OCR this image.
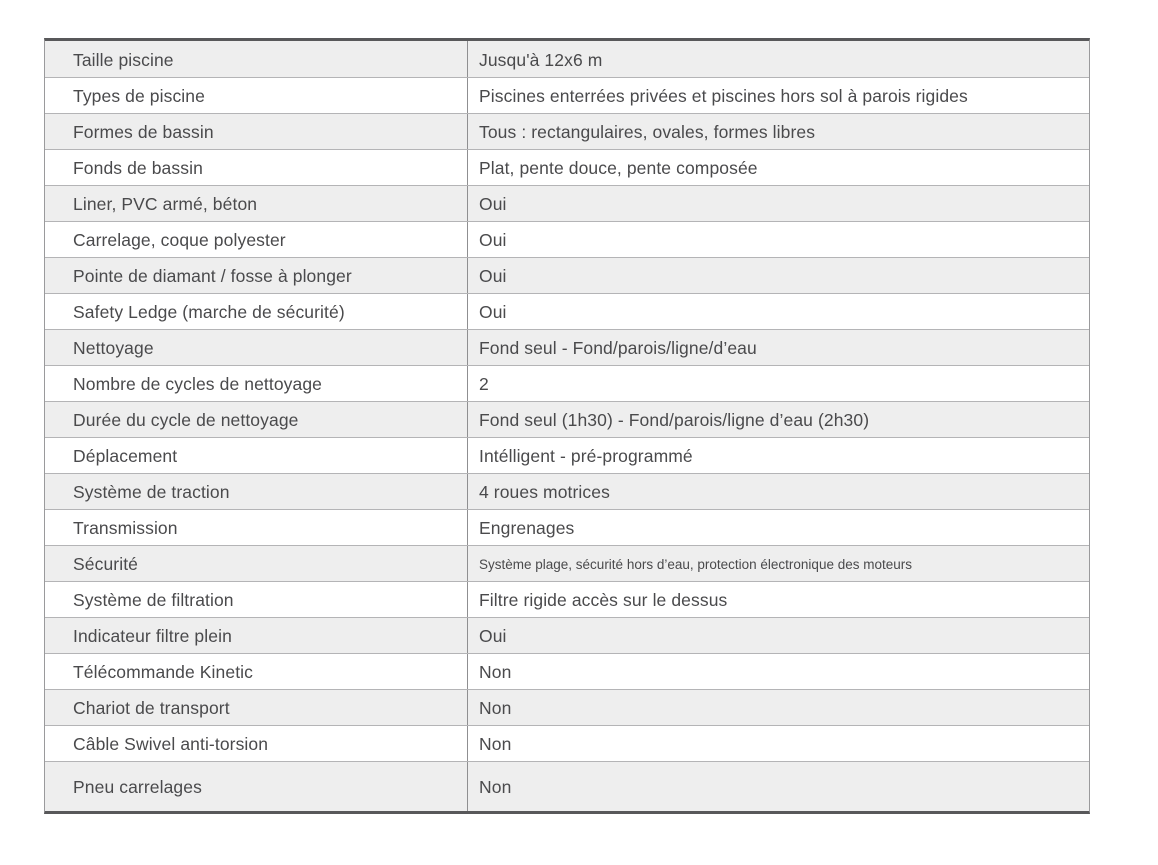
Taille piscine	Jusqu'à 12x6 m
Types de piscine	Piscines enterrées privées et piscines hors sol à parois rigides
Formes de bassin	Tous : rectangulaires, ovales, formes libres
Fonds de bassin	Plat, pente douce, pente composée
Liner, PVC armé, béton	Oui
Carrelage, coque polyester	Oui
Pointe de diamant / fosse à plonger	Oui
Safety Ledge (marche de sécurité)	Oui
Nettoyage	Fond seul - Fond/parois/ligne/d’eau
Nombre de cycles de nettoyage	2
Durée du cycle de nettoyage	Fond seul (1h30) - Fond/parois/ligne d’eau (2h30)
Déplacement	Intélligent - pré-programmé
Système de traction	4 roues motrices
Transmission	Engrenages
Sécurité	Système plage, sécurité hors d’eau, protection électronique des moteurs
Système de filtration	Filtre rigide accès sur le dessus
Indicateur filtre plein	Oui
Télécommande Kinetic	Non
Chariot de transport	Non
Câble Swivel anti-torsion	Non
Pneu carrelages	Non
